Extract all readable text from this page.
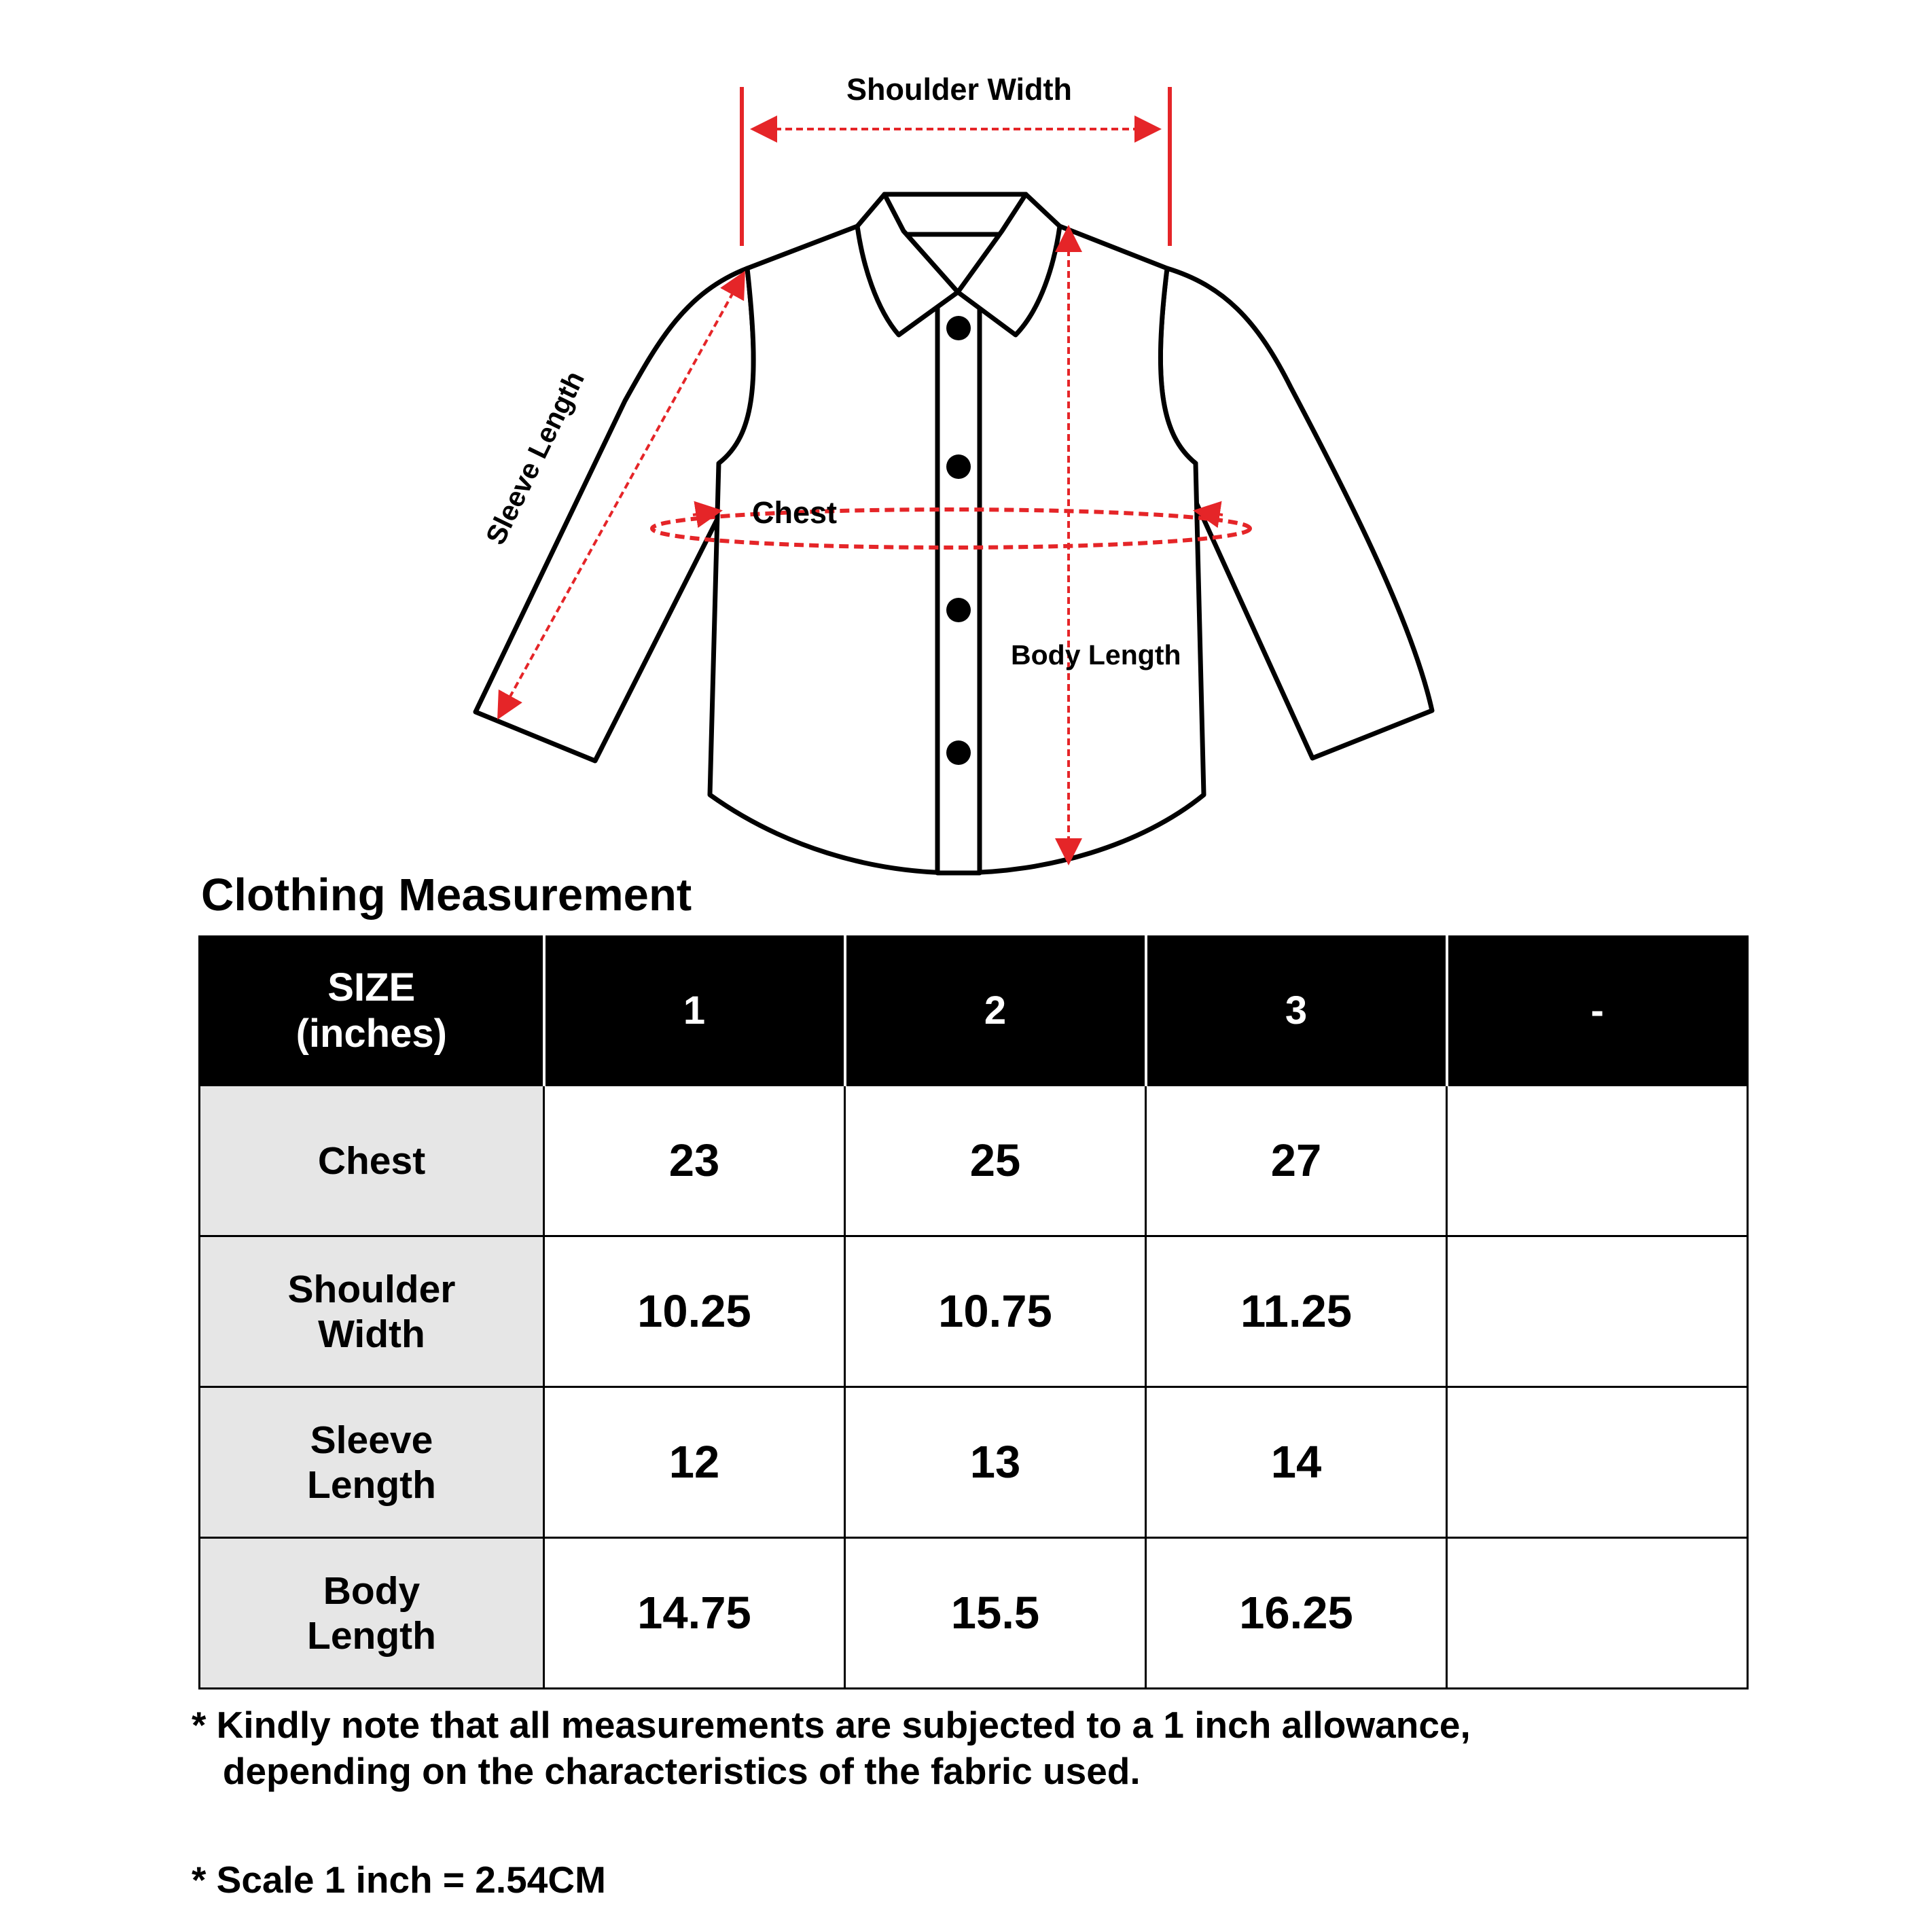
Shoulder Width
Sleeve Length	Chest
Body Length
Clothing Measurement
SIZE
(inches)	1	2	3	-
Chest	23	25	27	
Shoulder
Width	10.25	10.75	11.25	
Sleeve
Length	12	13	14	
Body
Length	14.75	15.5	16.25	
* Kindly note that all measurements are subjected to a 1 inch allowance,
depending on the characteristics of the fabric used.
* Scale 1 inch = 2.54CM
